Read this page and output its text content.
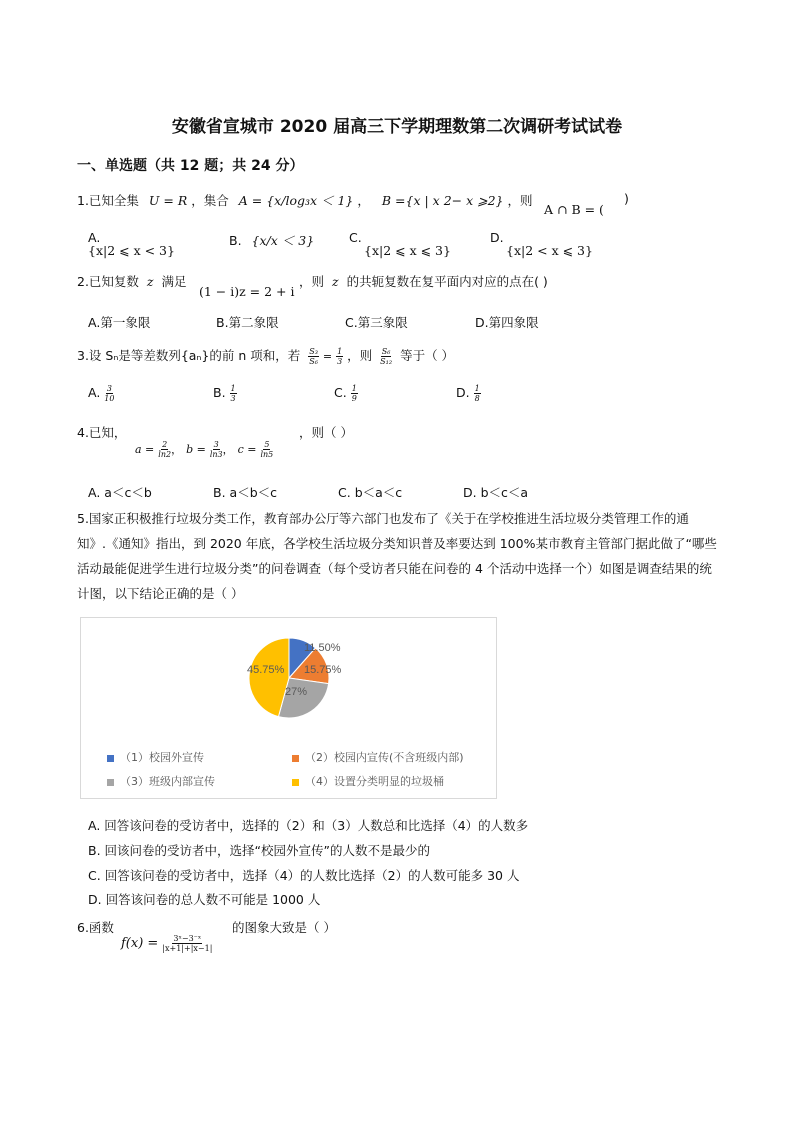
安徽省宣城市 2020 届高三下学期理数第二次调研考试试卷
一、单选题（共 12 题；共 24 分）
1.已知全集 U = R ，集合 A = {x/log₃x ＜ 1} ， B ={x | x 2− x ⩾2} ，则
A ∩ B = (
)
A.
{x|2 ⩽ x < 3}
B. {x/x ＜ 3}	C.
{x|2 ⩽ x ⩽ 3}
D.
{x|2 < x ⩽ 3}
2.已知复数 z 满足
(1 − i)z = 2 + i
，则 z 的共轭复数在复平面内对应的点在( )
A.第一象限	B.第二象限	C.第三象限	D.第四象限
3.设 Sₙ是等差数列{aₙ}的前 n 项和，若 $\frac{\text{S₃}}{\text{S₆}} = \frac{1}{3}$ ，则 $\frac{\text{S₆}}{\text{S₁₂}}$ 等于（ ）
A. $\frac{3}{10}$	B. $\frac{1}{3}$	C. $\frac{1}{9}$	D. $\frac{1}{8}$
4.已知，	，则（ ）
$a = \frac{2}{\ln 2}$ ， $b = \frac{3}{\ln 3}$ ， $c = \frac{5}{\ln 5}$
A. a＜c＜b	B. a＜b＜c	C. b＜a＜c	D. b＜c＜a
5.国家正积极推行垃圾分类工作，教育部办公厅等六部门也发布了《关于在学校推进生活垃圾分类管理工作的通知》.《通知》指出，到 2020 年底，各学校生活垃圾分类知识普及率要达到 100%某市教育主管部门据此做了“哪些活动最能促进学生进行垃圾分类”的问卷调查（每个受访者只能在问卷的 4 个活动中选择一个）如图是调查结果的统计图，以下结论正确的是（ ）
11.50%
15.75%
27%
45.75%
（1）校园外宣传	（2）校园内宣传(不含班级内部)
（3）班级内部宣传	（4）设置分类明显的垃圾桶
A. 回答该问卷的受访者中，选择的（2）和（3）人数总和比选择（4）的人数多
B. 回该问卷的受访者中，选择“校园外宣传”的人数不是最少的
C. 回答该问卷的受访者中，选择（4）的人数比选择（2）的人数可能多 30 人
D. 回答该问卷的总人数不可能是 1000 人
6.函数	的图象大致是（ ）
$f(x) = \frac{\text{3ˣ−3⁻ˣ}}{|x+1|+|x-1|}$
